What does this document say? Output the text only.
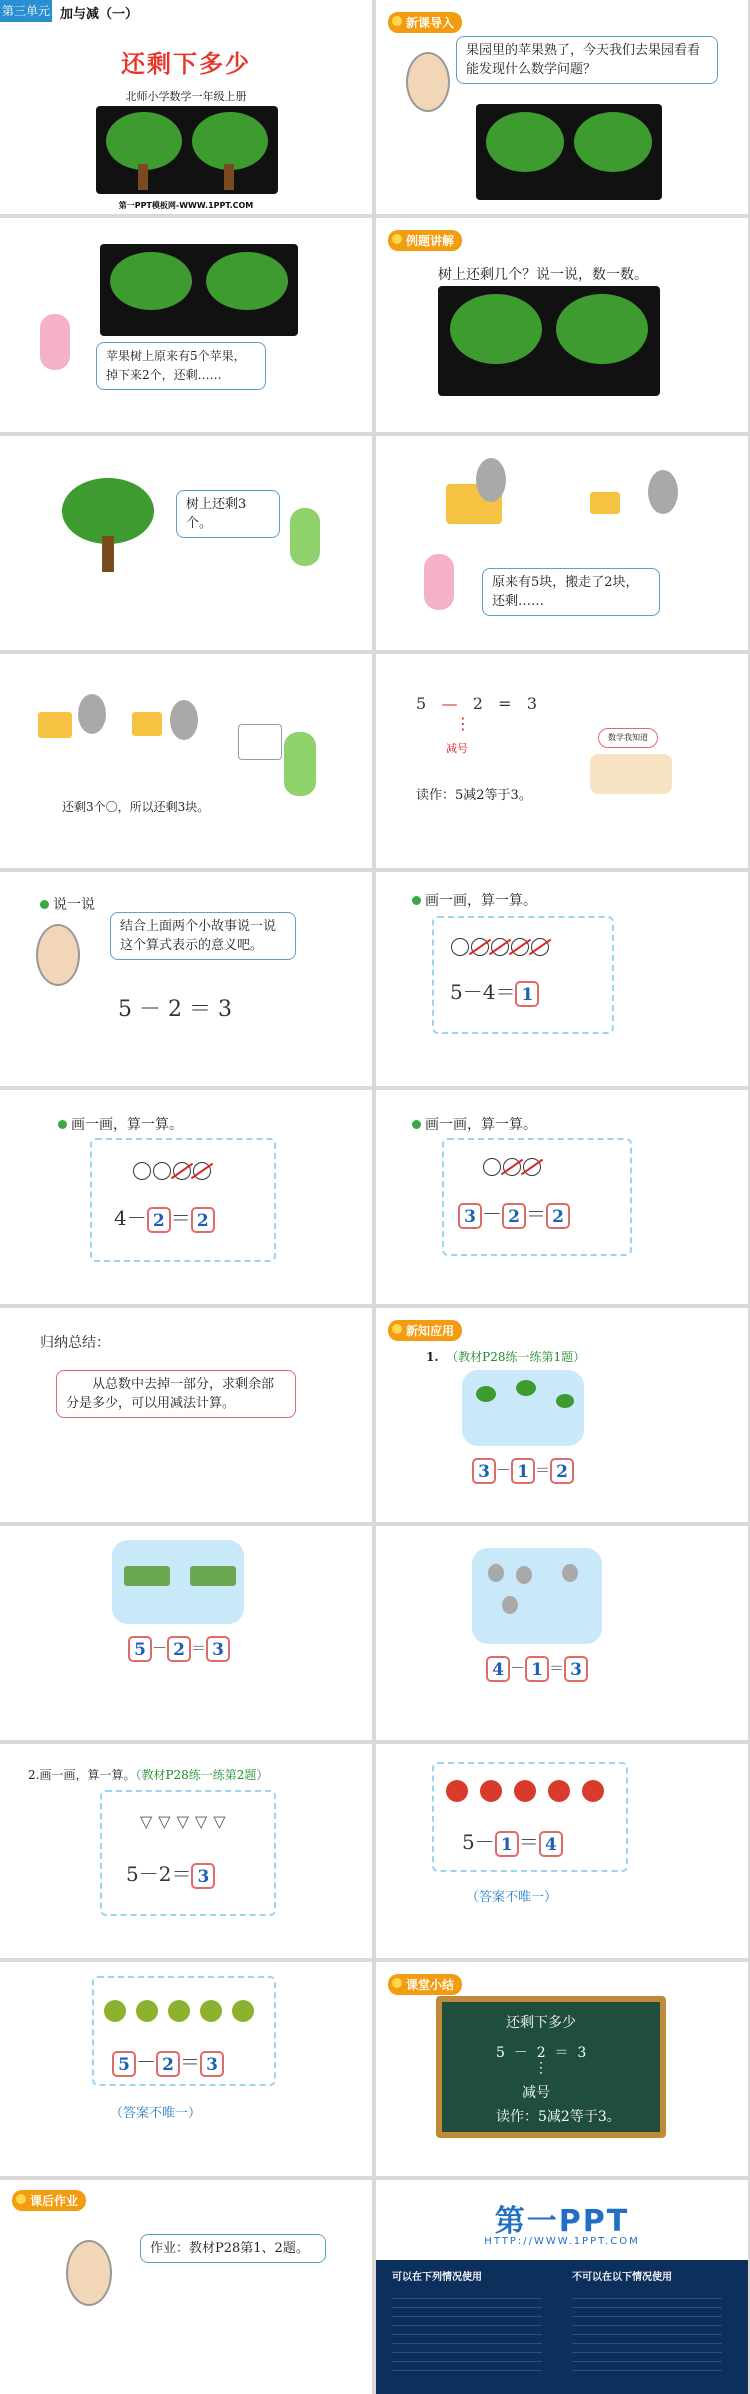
第三单元 加与减（一）
还剩下多少
北师小学数学一年级上册
第一PPT模板网-WWW.1PPT.COM
新课导入
果园里的苹果熟了，今天我们去果园看看能发现什么数学问题？
苹果树上原来有5个苹果，掉下来2个，还剩……
例题讲解
树上还剩几个？说一说，数一数。
树上还剩3个。
原来有5块，搬走了2块，还剩……
还剩3个〇，所以还剩3块。
5 — 2 = 3
⋮
减号
读作：5减2等于3。
数学我知道
说一说
结合上面两个小故事说一说这个算式表示的意义吧。
5 － 2 ＝ 3
画一画，算一算。
5－4＝ 1
画一画，算一算。
4－ 2 ＝ 2
画一画，算一算。
3 － 2 ＝ 2
归纳总结：
从总数中去掉一部分，求剩余部分是多少，可以用减法计算。
新知应用
1. （教材P28练一练第1题）
3 － 1 ＝ 2
5 － 2 ＝ 3
4 － 1 ＝ 3
2.画一画，算一算。（教材P28练一练第2题）
▽▽▽▽▽
5－2＝ 3
5－ 1 ＝ 4
（答案不唯一）
5 － 2 ＝ 3
（答案不唯一）
课堂小结
还剩下多少
5  －  2  ＝  3
⋮
减号
读作：5减2等于3。
课后作业
作业：教材P28第1、2题。
第一PPT
HTTP://WWW.1PPT.COM
可以在下列情况使用	不可以在以下情况使用
